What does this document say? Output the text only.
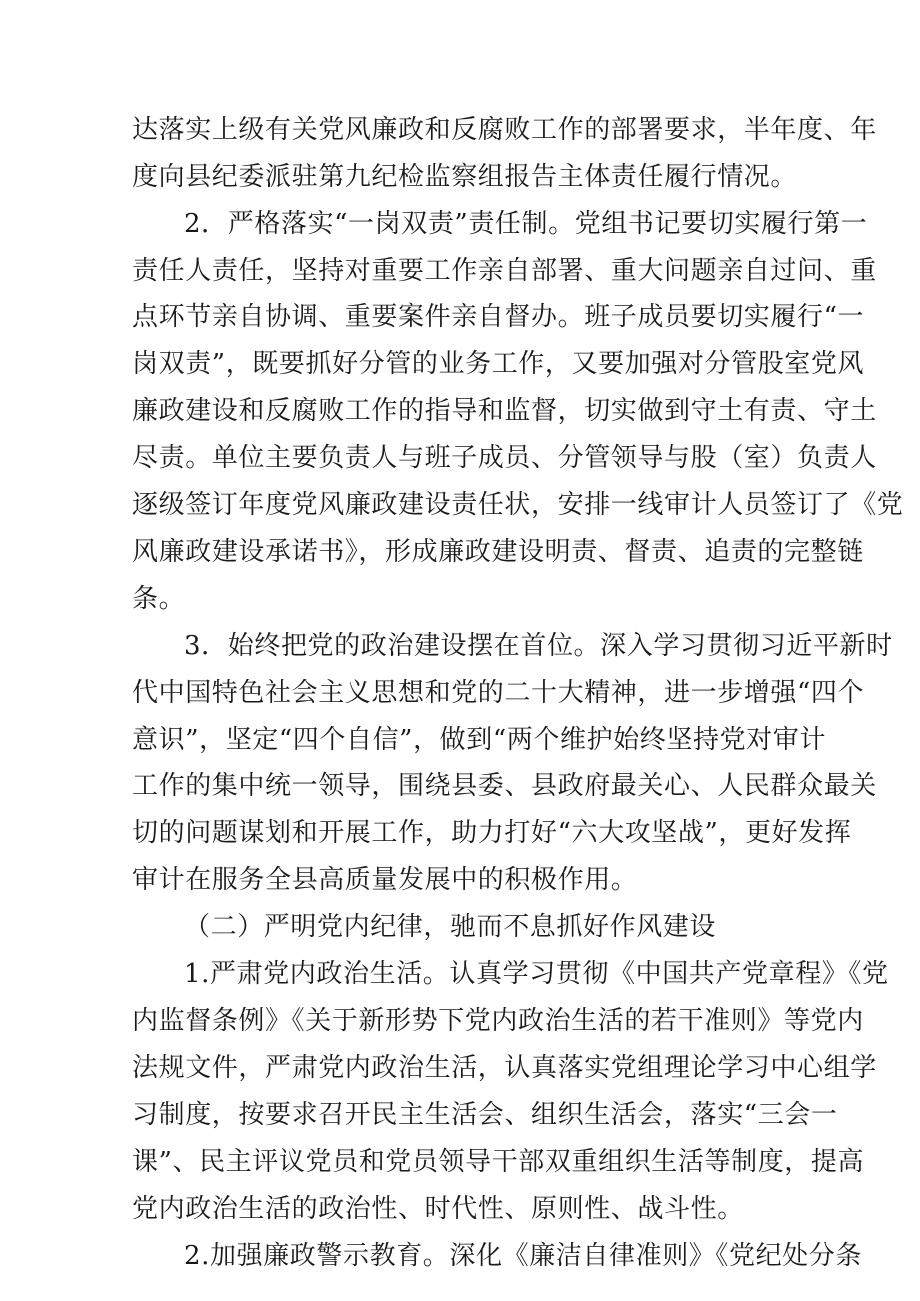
达落实上级有关党风廉政和反腐败工作的部署要求，半年度、年
度向县纪委派驻第九纪检监察组报告主体责任履行情况。
2．严格落实“一岗双责”责任制。党组书记要切实履行第一
责任人责任，坚持对重要工作亲自部署、重大问题亲自过问、重
点环节亲自协调、重要案件亲自督办。班子成员要切实履行“一
岗双责”，既要抓好分管的业务工作，又要加强对分管股室党风
廉政建设和反腐败工作的指导和监督，切实做到守土有责、守土
尽责。单位主要负责人与班子成员、分管领导与股（室）负责人
逐级签订年度党风廉政建设责任状，安排一线审计人员签订了《党
风廉政建设承诺书》，形成廉政建设明责、督责、追责的完整链
条。
3．始终把党的政治建设摆在首位。深入学习贯彻习近平新时
代中国特色社会主义思想和党的二十大精神，进一步增强“四个
意识”，坚定“四个自信”，做到“两个维护始终坚持党对审计
工作的集中统一领导，围绕县委、县政府最关心、人民群众最关
切的问题谋划和开展工作，助力打好“六大攻坚战”，更好发挥
审计在服务全县高质量发展中的积极作用。
（二）严明党内纪律，驰而不息抓好作风建设
1.严肃党内政治生活。认真学习贯彻《中国共产党章程》《党
内监督条例》《关于新形势下党内政治生活的若干准则》等党内
法规文件，严肃党内政治生活，认真落实党组理论学习中心组学
习制度，按要求召开民主生活会、组织生活会，落实“三会一
课”、民主评议党员和党员领导干部双重组织生活等制度，提高
党内政治生活的政治性、时代性、原则性、战斗性。
2.加强廉政警示教育。深化《廉洁自律准则》《党纪处分条
